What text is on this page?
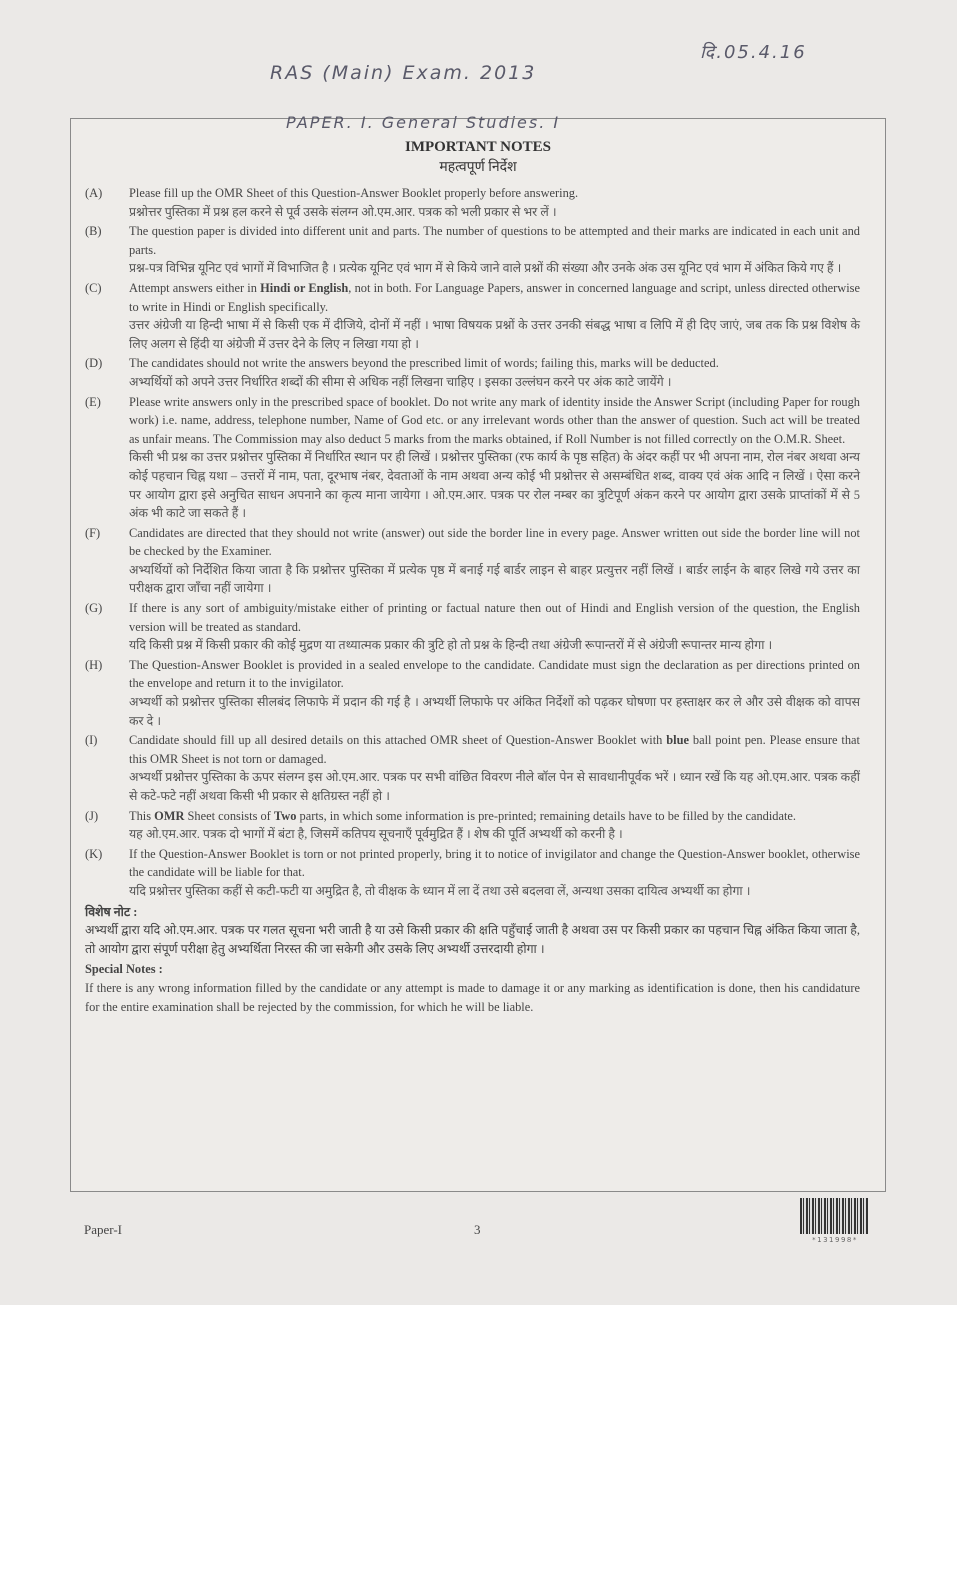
दि.05.4.16
RAS (Main) Exam. 2013
PAPER. I. General Studies. I
IMPORTANT NOTES
महत्वपूर्ण निर्देश
(A)	Please fill up the OMR Sheet of this Question-Answer Booklet properly before answering.

प्रश्नोत्तर पुस्तिका में प्रश्न हल करने से पूर्व उसके संलग्न ओ.एम.आर. पत्रक को भली प्रकार से भर लें ।

(B)	The question paper is divided into different unit and parts. The number of questions to be attempted and their marks are indicated in each unit and parts.

प्रश्न-पत्र विभिन्न यूनिट एवं भागों में विभाजित है । प्रत्येक यूनिट एवं भाग में से किये जाने वाले प्रश्नों की संख्या और उनके अंक उस यूनिट एवं भाग में अंकित किये गए हैं ।

(C)	Attempt answers either in Hindi or English, not in both. For Language Papers, answer in concerned language and script, unless directed otherwise to write in Hindi or English specifically.

उत्तर अंग्रेजी या हिन्दी भाषा में से किसी एक में दीजिये, दोनों में नहीं । भाषा विषयक प्रश्नों के उत्तर उनकी संबद्ध भाषा व लिपि में ही दिए जाएं, जब तक कि प्रश्न विशेष के लिए अलग से हिंदी या अंग्रेजी में उत्तर देने के लिए न लिखा गया हो ।

(D)	The candidates should not write the answers beyond the prescribed limit of words; failing this, marks will be deducted.

अभ्यर्थियों को अपने उत्तर निर्धारित शब्दों की सीमा से अधिक नहीं लिखना चाहिए । इसका उल्लंघन करने पर अंक काटे जायेंगे ।

(E)	Please write answers only in the prescribed space of booklet. Do not write any mark of identity inside the Answer Script (including Paper for rough work) i.e. name, address, telephone number, Name of God etc. or any irrelevant words other than the answer of question. Such act will be treated as unfair means. The Commission may also deduct 5 marks from the marks obtained, if Roll Number is not filled correctly on the O.M.R. Sheet.

किसी भी प्रश्न का उत्तर प्रश्नोत्तर पुस्तिका में निर्धारित स्थान पर ही लिखें । प्रश्नोत्तर पुस्तिका (रफ कार्य के पृष्ठ सहित) के अंदर कहीं पर भी अपना नाम, रोल नंबर अथवा अन्य कोई पहचान चिह्न यथा – उत्तरों में नाम, पता, दूरभाष नंबर, देवताओं के नाम अथवा अन्य कोई भी प्रश्नोत्तर से असम्बंधित शब्द, वाक्य एवं अंक आदि न लिखें । ऐसा करने पर आयोग द्वारा इसे अनुचित साधन अपनाने का कृत्य माना जायेगा । ओ.एम.आर. पत्रक पर रोल नम्बर का त्रुटिपूर्ण अंकन करने पर आयोग द्वारा उसके प्राप्तांकों में से 5 अंक भी काटे जा सकते हैं ।

(F)	Candidates are directed that they should not write (answer) out side the border line in every page. Answer written out side the border line will not be checked by the Examiner.

अभ्यर्थियों को निर्देशित किया जाता है कि प्रश्नोत्तर पुस्तिका में प्रत्येक पृष्ठ में बनाई गई बार्डर लाइन से बाहर प्रत्युत्तर नहीं लिखें । बार्डर लाईन के बाहर लिखे गये उत्तर का परीक्षक द्वारा जाँचा नहीं जायेगा ।

(G)	If there is any sort of ambiguity/mistake either of printing or factual nature then out of Hindi and English version of the question, the English version will be treated as standard.

यदि किसी प्रश्न में किसी प्रकार की कोई मुद्रण या तथ्यात्मक प्रकार की त्रुटि हो तो प्रश्न के हिन्दी तथा अंग्रेजी रूपान्तरों में से अंग्रेजी रूपान्तर मान्य होगा ।

(H)	The Question-Answer Booklet is provided in a sealed envelope to the candidate. Candidate must sign the declaration as per directions printed on the envelope and return it to the invigilator.

अभ्यर्थी को प्रश्नोत्तर पुस्तिका सीलबंद लिफाफे में प्रदान की गई है । अभ्यर्थी लिफाफे पर अंकित निर्देशों को पढ़कर घोषणा पर हस्ताक्षर कर ले और उसे वीक्षक को वापस कर दे ।

(I)	Candidate should fill up all desired details on this attached OMR sheet of Question-Answer Booklet with blue ball point pen. Please ensure that this OMR Sheet is not torn or damaged.

अभ्यर्थी प्रश्नोत्तर पुस्तिका के ऊपर संलग्न इस ओ.एम.आर. पत्रक पर सभी वांछित विवरण नीले बॉल पेन से सावधानीपूर्वक भरें । ध्यान रखें कि यह ओ.एम.आर. पत्रक कहीं से कटे-फटे नहीं अथवा किसी भी प्रकार से क्षतिग्रस्त नहीं हो ।

(J)	This OMR Sheet consists of Two parts, in which some information is pre-printed; remaining details have to be filled by the candidate.

यह ओ.एम.आर. पत्रक दो भागों में बंटा है, जिसमें कतिपय सूचनाएँ पूर्वमुद्रित हैं । शेष की पूर्ति अभ्यर्थी को करनी है ।

(K)	If the Question-Answer Booklet is torn or not printed properly, bring it to notice of invigilator and change the Question-Answer booklet, otherwise the candidate will be liable for that.

यदि प्रश्नोत्तर पुस्तिका कहीं से कटी-फटी या अमुद्रित है, तो वीक्षक के ध्यान में ला दें तथा उसे बदलवा लें, अन्यथा उसका दायित्व अभ्यर्थी का होगा ।

विशेष नोट :
अभ्यर्थी द्वारा यदि ओ.एम.आर. पत्रक पर गलत सूचना भरी जाती है या उसे किसी प्रकार की क्षति पहुँचाई जाती है अथवा उस पर किसी प्रकार का पहचान चिह्न अंकित किया जाता है, तो आयोग द्वारा संपूर्ण परीक्षा हेतु अभ्यर्थिता निरस्त की जा सकेगी और उसके लिए अभ्यर्थी उत्तरदायी होगा ।
Special Notes :
If there is any wrong information filled by the candidate or any attempt is made to damage it or any marking as identification is done, then his candidature for the entire examination shall be rejected by the commission, for which he will be liable.
Paper-I	3
*131998*
